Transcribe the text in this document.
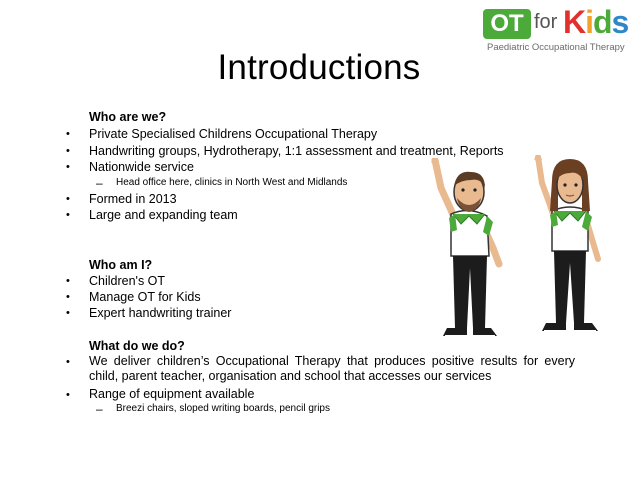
OT for Kids
Paediatric Occupational Therapy
Introductions
Who are we?
• Private Specialised Childrens Occupational Therapy
• Handwriting groups, Hydrotherapy, 1:1 assessment and treatment, Reports
• Nationwide service
– Head office here, clinics in North West and Midlands
• Formed in 2013
• Large and expanding team
Who am I?
• Children's OT
• Manage OT for Kids
• Expert handwriting trainer
What do we do?
• We deliver children’s Occupational Therapy that produces positive results for every child, parent teacher, organisation and school that accesses our services
• Range of equipment available
– Breezi chairs, sloped writing boards, pencil grips
